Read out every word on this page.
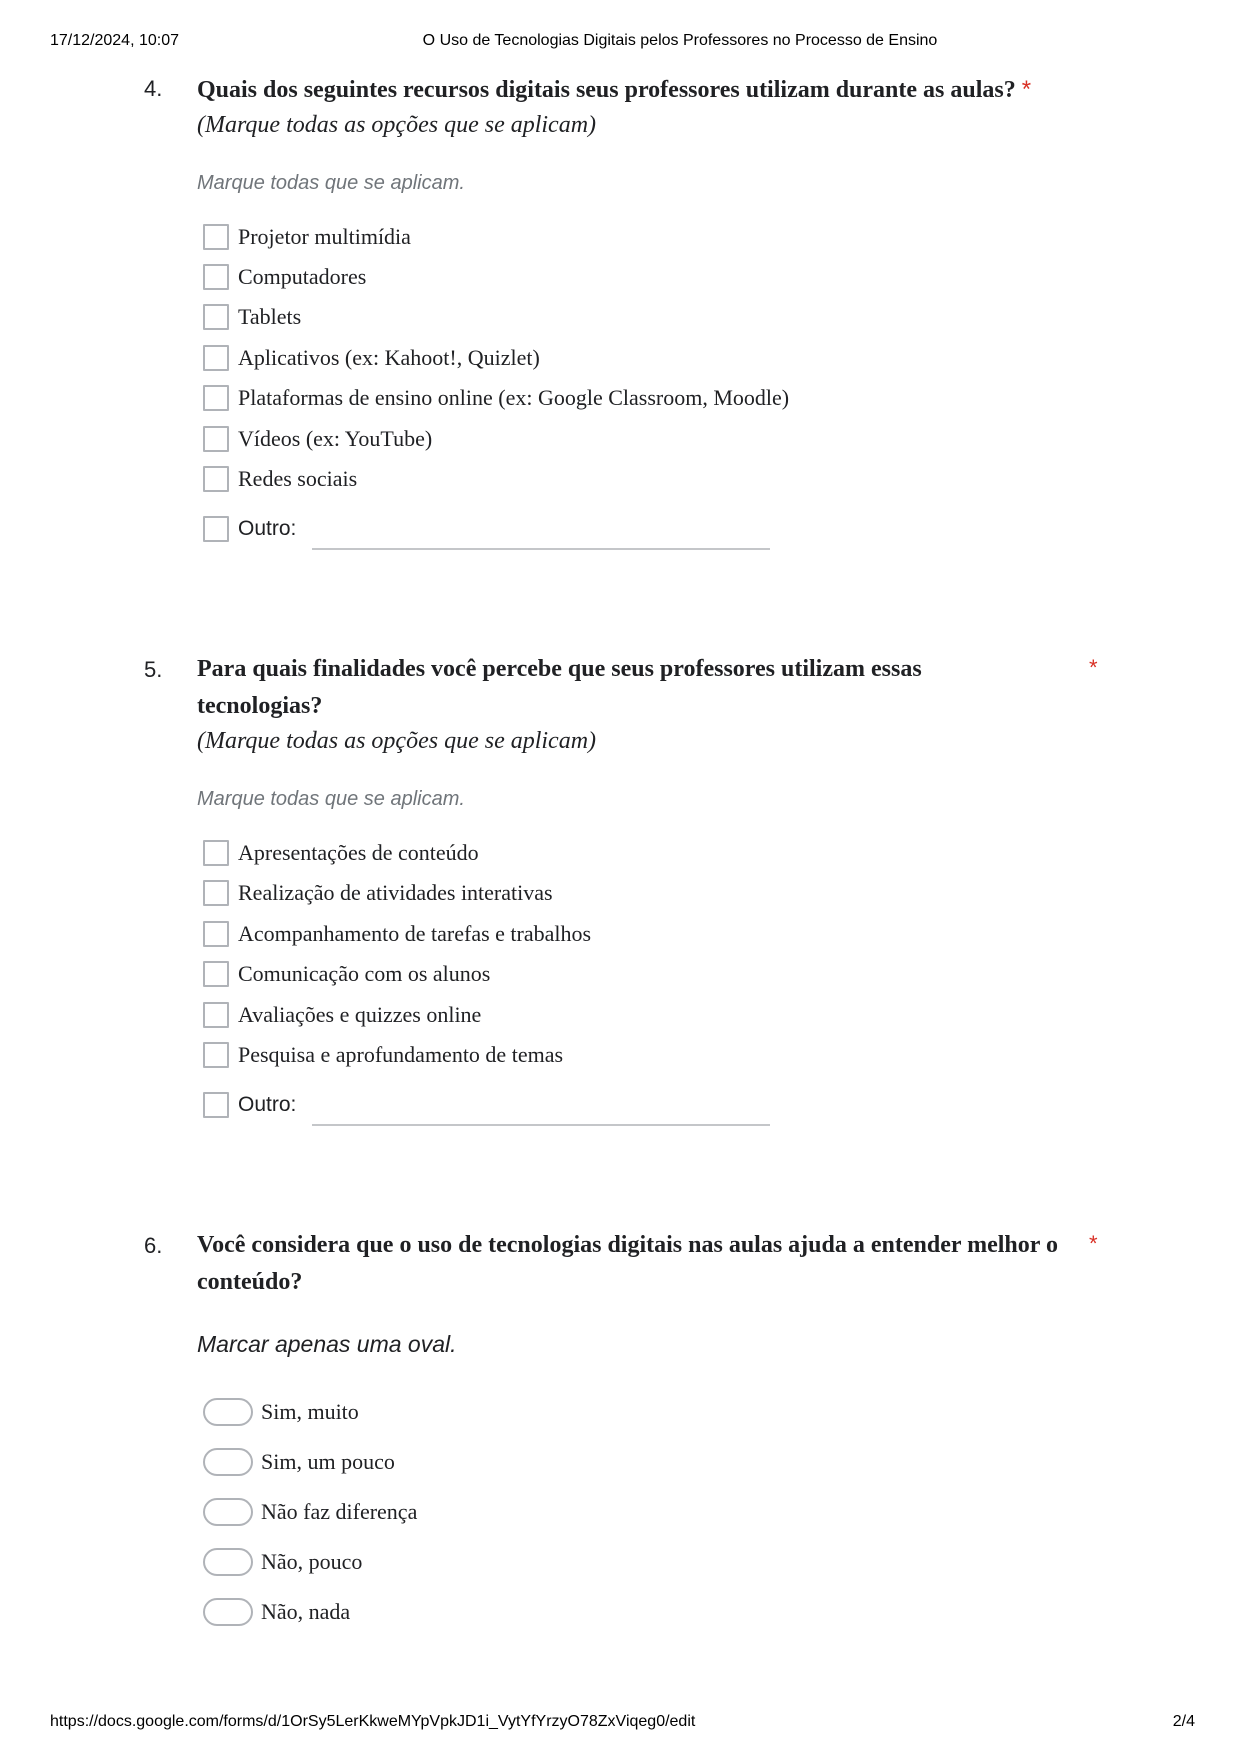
17/12/2024, 10:07	O Uso de Tecnologias Digitais pelos Professores no Processo de Ensino
4. Quais dos seguintes recursos digitais seus professores utilizam durante as aulas? *
(Marque todas as opções que se aplicam)
Marque todas que se aplicam.
Projetor multimídia
Computadores
Tablets
Aplicativos (ex: Kahoot!, Quizlet)
Plataformas de ensino online (ex: Google Classroom, Moodle)
Vídeos (ex: YouTube)
Redes sociais
Outro:
5. Para quais finalidades você percebe que seus professores utilizam essas tecnologias?
*
(Marque todas as opções que se aplicam)
Marque todas que se aplicam.
Apresentações de conteúdo
Realização de atividades interativas
Acompanhamento de tarefas e trabalhos
Comunicação com os alunos
Avaliações e quizzes online
Pesquisa e aprofundamento de temas
Outro:
6. Você considera que o uso de tecnologias digitais nas aulas ajuda a entender melhor o conteúdo?
*
Marcar apenas uma oval.
Sim, muito
Sim, um pouco
Não faz diferença
Não, pouco
Não, nada
https://docs.google.com/forms/d/1OrSy5LerKkweMYpVpkJD1i_VytYfYrzyO78ZxViqeg0/edit	2/4
